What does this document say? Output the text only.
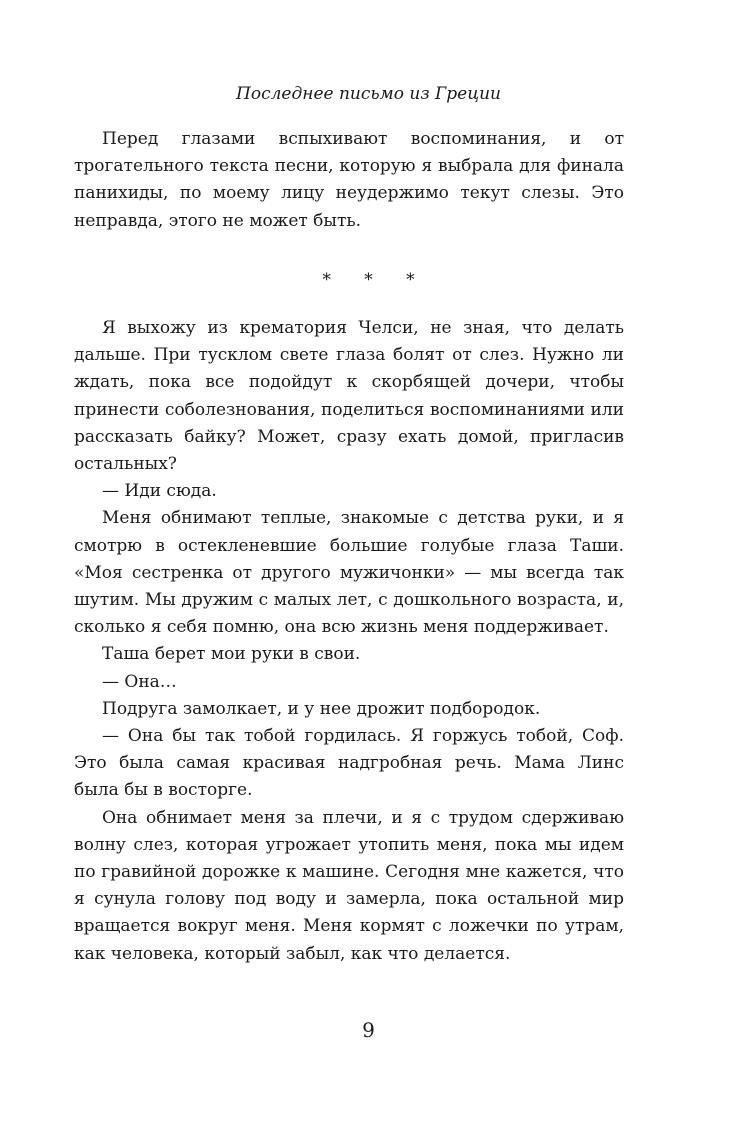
Последнее письмо из Греции

Перед глазами вспыхивают воспоминания, и от трогательного текста песни, которую я выбрала для финала панихиды, по моему лицу неудержимо текут слезы. Это неправда, этого не может быть.

* * *

Я выхожу из крематория Челси, не зная, что делать дальше. При тусклом свете глаза болят от слез. Нужно ли ждать, пока все подойдут к скорбящей дочери, чтобы принести соболезнования, поделиться воспоминаниями или рассказать байку? Может, сразу ехать домой, пригласив остальных?

— Иди сюда.

Меня обнимают теплые, знакомые с детства руки, и я смотрю в остекленевшие большие голубые глаза Таши. «Моя сестренка от другого мужичонки» — мы всегда так шутим. Мы дружим с малых лет, с дошкольного возраста, и, сколько я себя помню, она всю жизнь меня поддерживает.

Таша берет мои руки в свои.

— Она…

Подруга замолкает, и у нее дрожит подбородок.

— Она бы так тобой гордилась. Я горжусь тобой, Соф. Это была самая красивая надгробная речь. Мама Линс была бы в восторге.

Она обнимает меня за плечи, и я с трудом сдерживаю волну слез, которая угрожает утопить меня, пока мы идем по гравийной дорожке к машине. Сегодня мне кажется, что я сунула голову под воду и замерла, пока остальной мир вращается вокруг меня. Меня кормят с ложечки по утрам, как человека, который забыл, как что делается.

9
